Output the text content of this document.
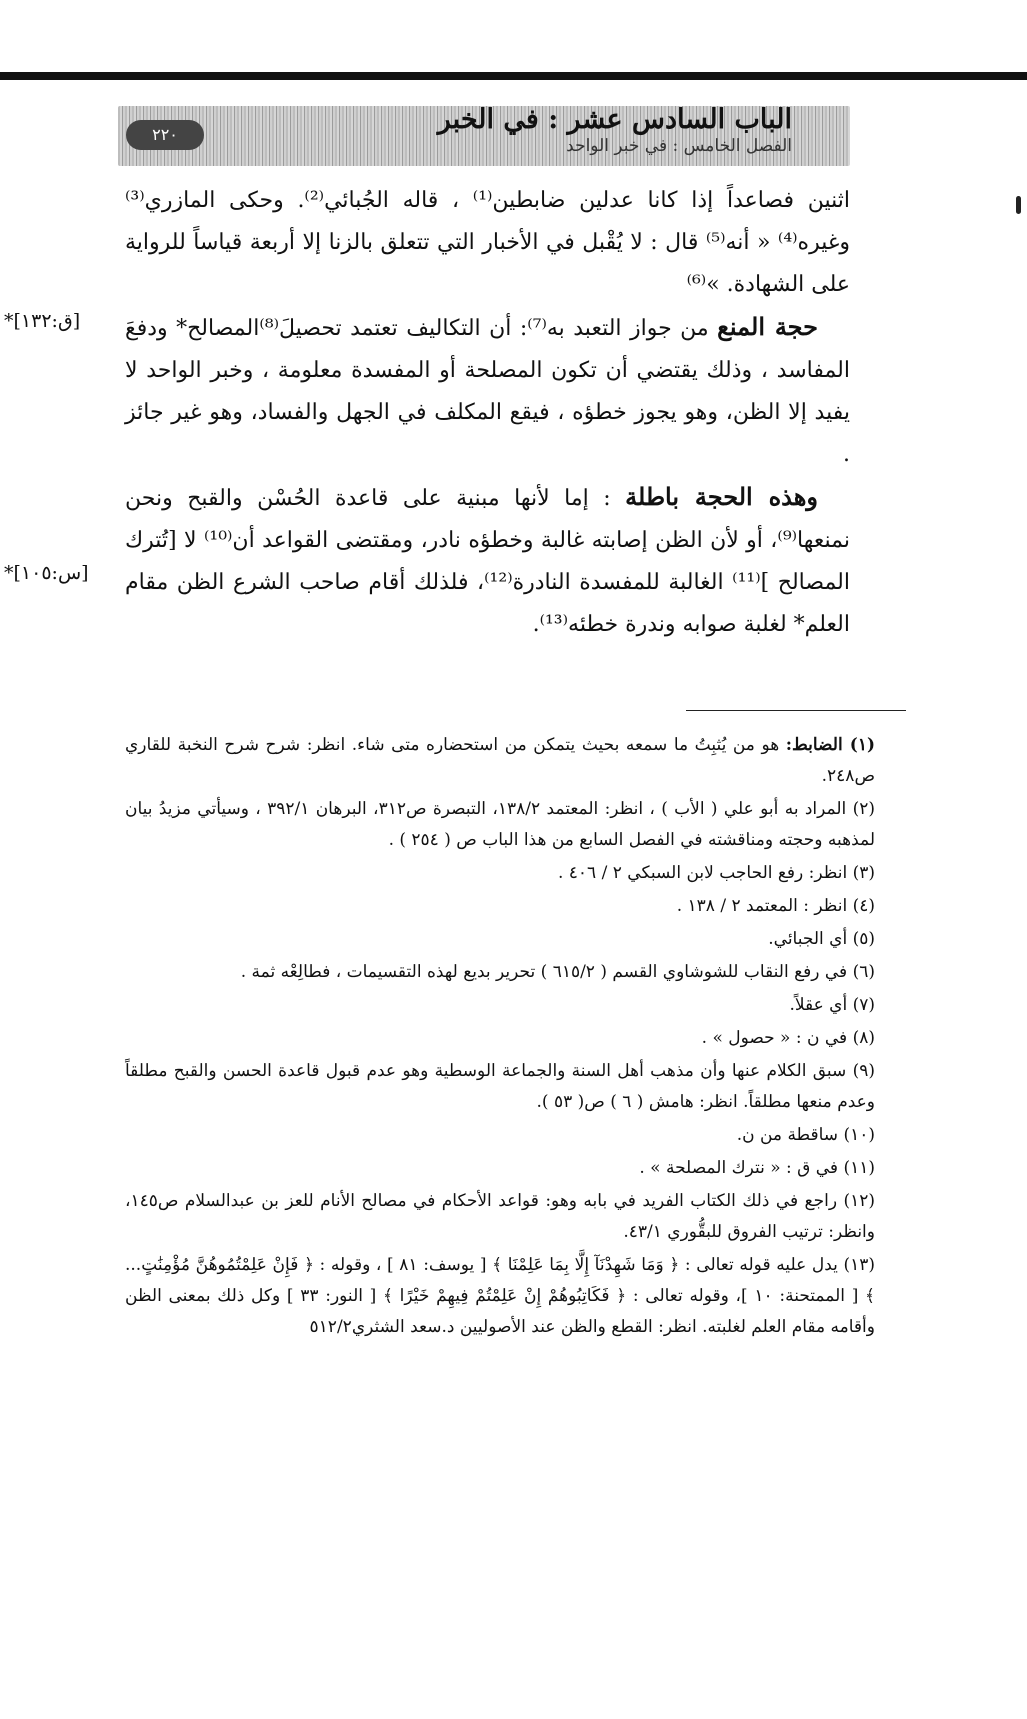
٢٢٠	الباب السادس عشر : في الخبر
الفصل الخامس : في خبر الواحد

اثنين فصاعداً إذا كانا عدلين ضابطين⁽¹⁾ ، قاله الجُبائي⁽²⁾. وحكى المازري⁽³⁾ وغيره⁽⁴⁾ « أنه⁽⁵⁾ قال : لا يُقْبل في الأخبار التي تتعلق بالزنا إلا أربعة قياساً للرواية على الشهادة. »⁽⁶⁾

حجة المنع من جواز التعبد به⁽⁷⁾: أن التكاليف تعتمد تحصيلَ⁽⁸⁾المصالح* ودفعَ المفاسد ، وذلك يقتضي أن تكون المصلحة أو المفسدة معلومة ، وخبر الواحد لا يفيد إلا الظن، وهو يجوز خطؤه ، فيقع المكلف في الجهل والفساد، وهو غير جائز .

وهذه الحجة باطلة : إما لأنها مبنية على قاعدة الحُسْن والقبح ونحن نمنعها⁽⁹⁾، أو لأن الظن إصابته غالبة وخطؤه نادر، ومقتضى القواعد أن⁽¹⁰⁾ لا [تُترك المصالح ]⁽¹¹⁾ الغالبة للمفسدة النادرة⁽¹²⁾، فلذلك أقام صاحب الشرع الظن مقام العلم* لغلبة صوابه وندرة خطئه⁽¹³⁾.

*[ق:١٣٢]
*[س:١٠٥]

(١) الضابط: هو من يُثبِتُ ما سمعه بحيث يتمكن من استحضاره متى شاء. انظر: شرح شرح النخبة للقاري ص٢٤٨.

(٢) المراد به أبو علي ( الأب ) ، انظر: المعتمد ١٣٨/٢، التبصرة ص٣١٢، البرهان ٣٩٢/١ ، وسيأتي مزيدُ بيان لمذهبه وحجته ومناقشته في الفصل السابع من هذا الباب ص ( ٢٥٤ ) .

(٣) انظر: رفع الحاجب لابن السبكي ٢ / ٤٠٦ .

(٤) انظر : المعتمد ٢ / ١٣٨ .

(٥) أي الجبائي.

(٦) في رفع النقاب للشوشاوي القسم ( ٦١٥/٢ ) تحرير بديع لهذه التقسيمات ، فطالِعْه ثمة .

(٧) أي عقلاً.

(٨) في ن : « حصول » .

(٩) سبق الكلام عنها وأن مذهب أهل السنة والجماعة الوسطية وهو عدم قبول قاعدة الحسن والقبح مطلقاً وعدم منعها مطلقاً. انظر: هامش ( ٦ ) ص( ٥٣ ).

(١٠) ساقطة من ن.

(١١) في ق : « نترك المصلحة » .

(١٢) راجع في ذلك الكتاب الفريد في بابه وهو: قواعد الأحكام في مصالح الأنام للعز بن عبدالسلام ص١٤٥، وانظر: ترتيب الفروق للبقُّوري ٤٣/١.

(١٣) يدل عليه قوله تعالى : ﴿ وَمَا شَهِدْنَآ إِلَّا بِمَا عَلِمْنَا ﴾ [ يوسف: ٨١ ] ، وقوله : ﴿ فَإِنْ عَلِمْتُمُوهُنَّ مُؤْمِنَٰتٍ... ﴾ [ الممتحنة: ١٠ ]، وقوله تعالى : ﴿ فَكَاتِبُوهُمْ إِنْ عَلِمْتُمْ فِيهِمْ خَيْرًا ﴾ [ النور: ٣٣ ] وكل ذلك بمعنى الظن وأقامه مقام العلم لغلبته. انظر: القطع والظن عند الأصوليين د.سعد الشثري٥١٢/٢
